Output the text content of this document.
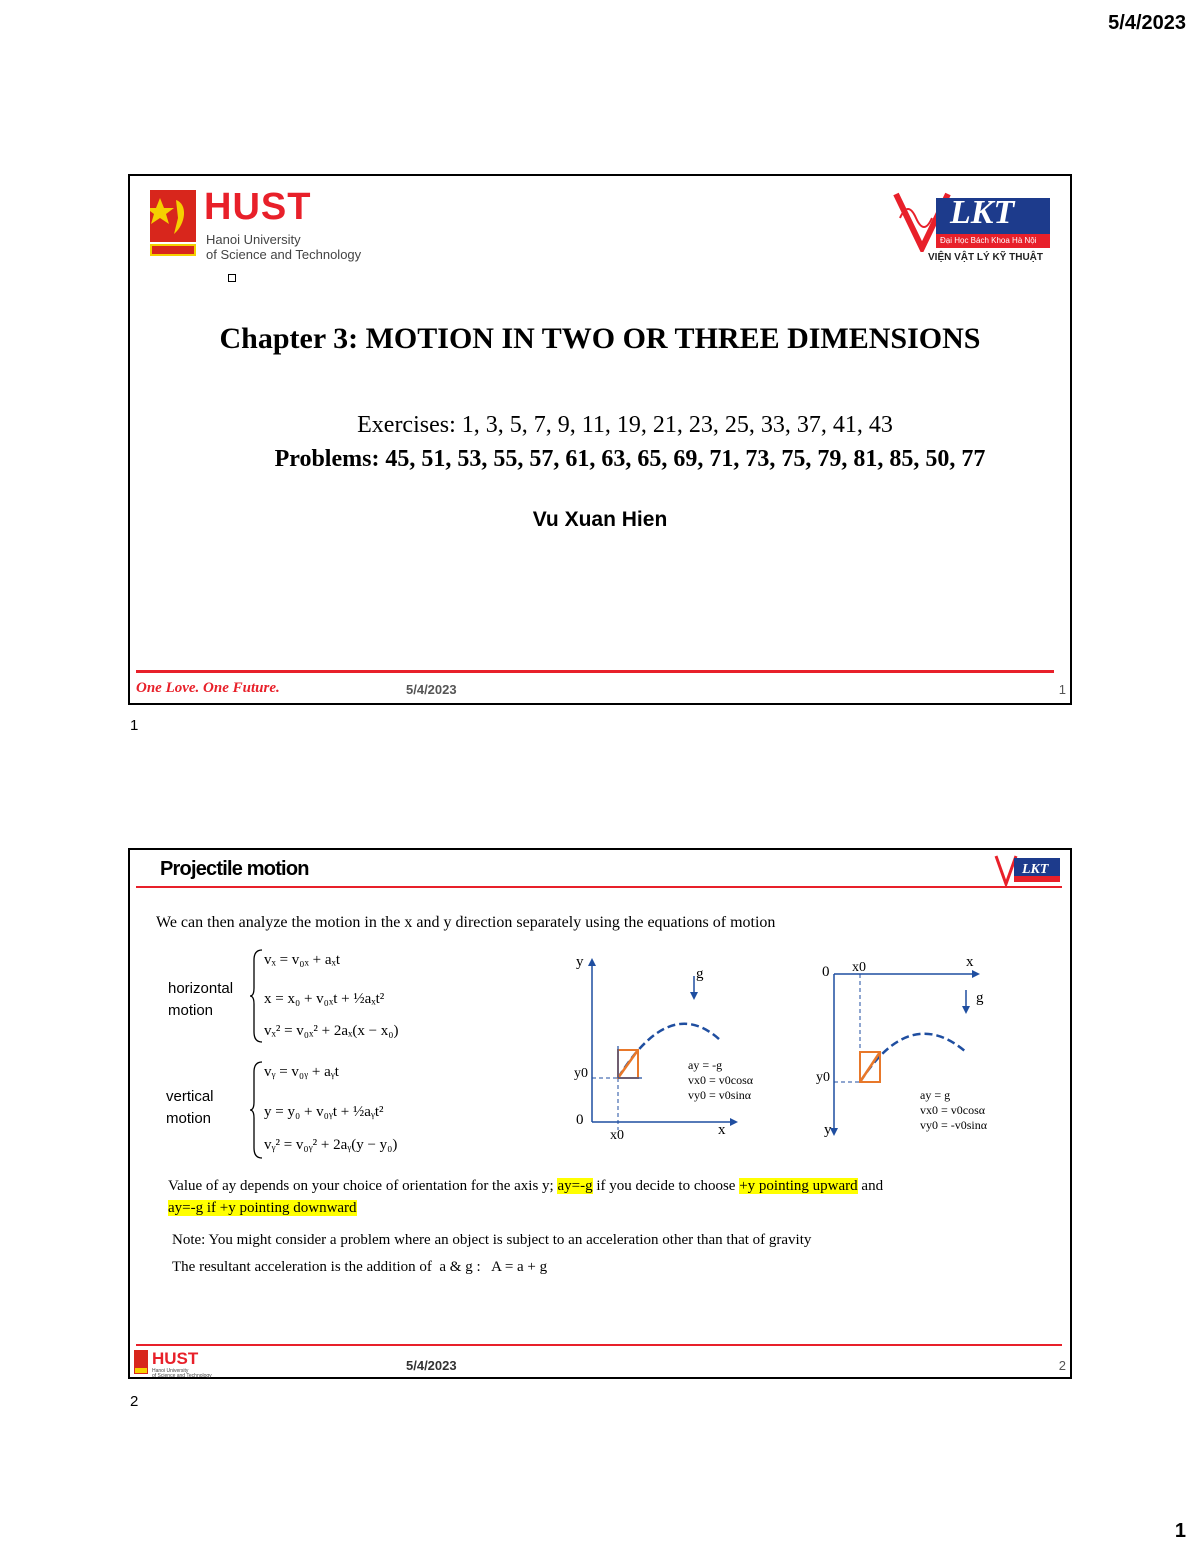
5/4/2023
HUST
Hanoi University
of Science and Technology
LKT
Đại Học Bách Khoa Hà Nội
VIỆN VẬT LÝ KỸ THUẬT
Chapter 3: MOTION IN TWO OR THREE DIMENSIONS
Exercises: 1, 3, 5, 7, 9, 11, 19, 21, 23, 25, 33, 37, 41, 43
Problems: 45, 51, 53, 55, 57, 61, 63, 65, 69, 71, 73, 75, 79, 81, 85, 50, 77
Vu Xuan Hien
One Love. One Future.	5/4/2023	1
1
Projectile motion	LKT
We can then analyze the motion in the x and y direction separately using the equations of motion
horizontal
motion
vₓ = v₀ₓ + aₓt
x = x₀ + v₀ₓt + ½aₓt²
vₓ² = v₀ₓ² + 2aₓ(x − x₀)
vertical
motion
vᵧ = v₀ᵧ + aᵧt
y = y₀ + v₀ᵧt + ½aᵧt²
vᵧ² = v₀ᵧ² + 2aᵧ(y − y₀)
y
g
y0
0
x0	x
ay = -g
vx0 = v0cosα
vy0 = v0sinα
0 x0	x
g
y0
y
ay = g
vx0 = v0cosα
vy0 = -v0sinα
Value of ay depends on your choice of orientation for the axis y; ay=-g if you decide to choose +y pointing upward and
ay=-g if +y pointing downward
Note: You might consider a problem where an object is subject to an acceleration other than that of gravity
The resultant acceleration is the addition of  a & g :   A = a + g
HUST
Hanoi University
of Science and Technology
5/4/2023	2
2
1
